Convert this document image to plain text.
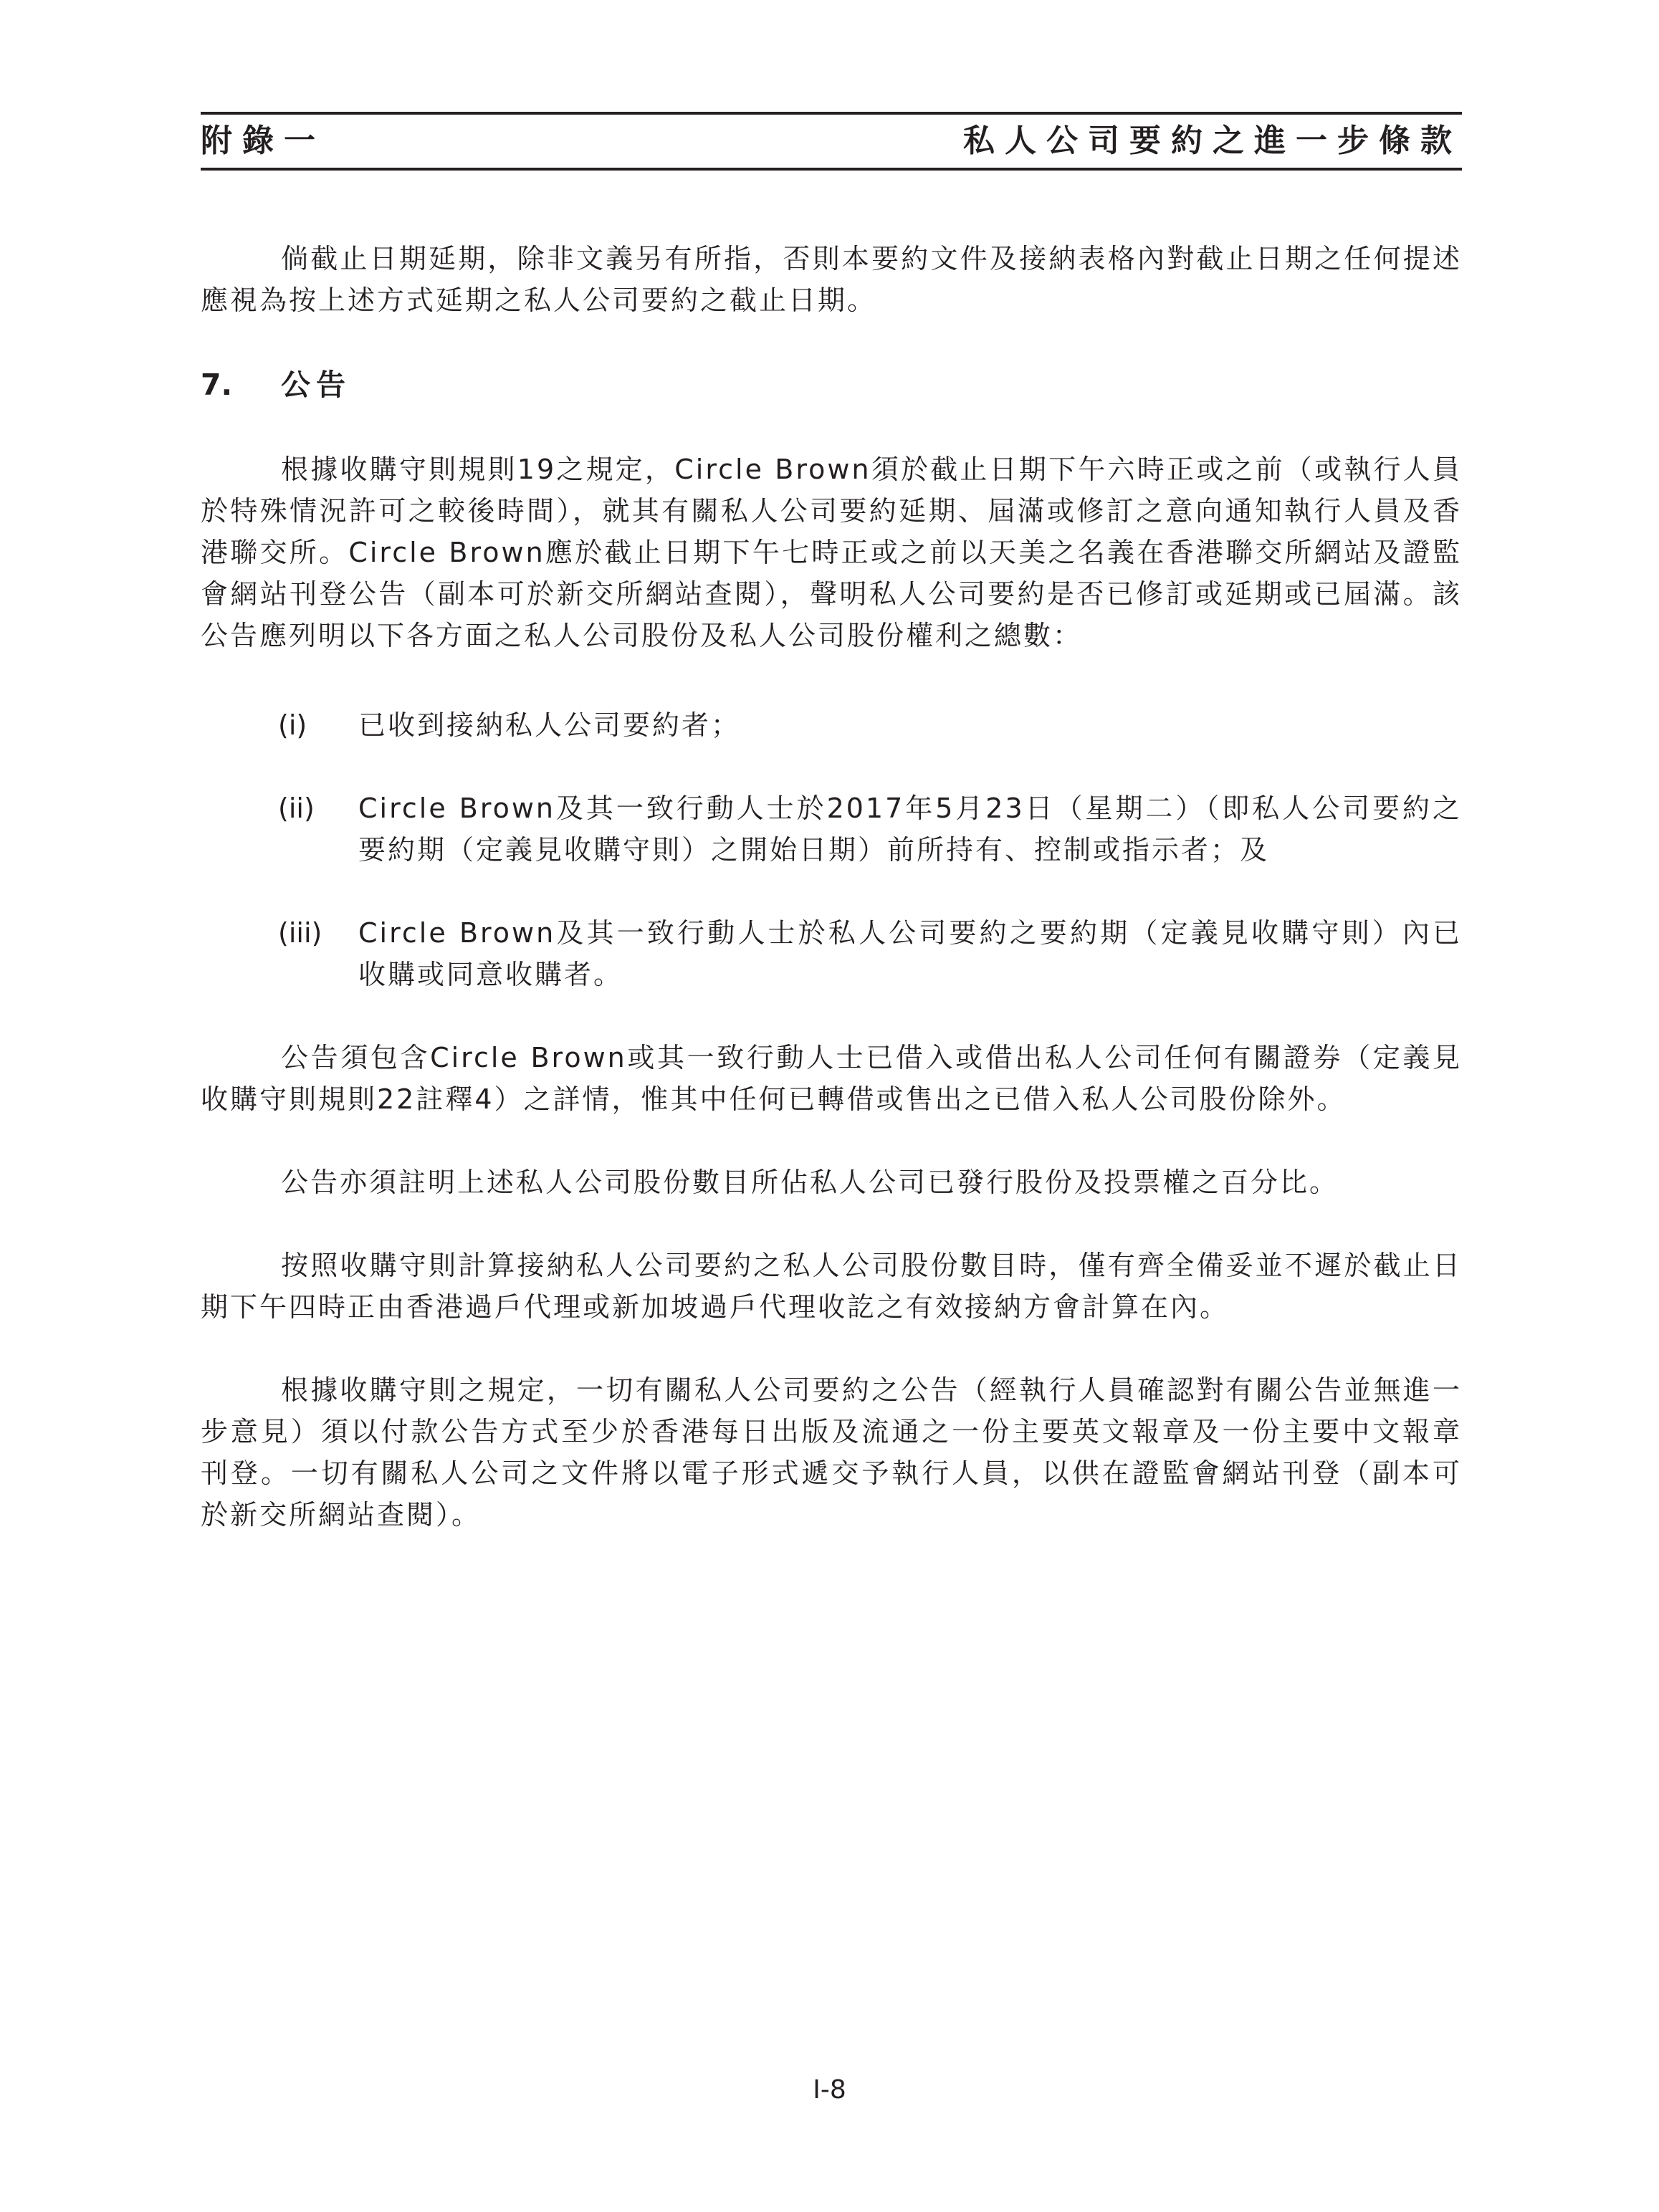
附錄一	私人公司要約之進一步條款

倘截止日期延期，除非文義另有所指，否則本要約文件及接納表格內對截止日期之任何提述應視為按上述方式延期之私人公司要約之截止日期。

7. 公告

根據收購守則規則19之規定，Circle Brown須於截止日期下午六時正或之前（或執行人員於特殊情況許可之較後時間），就其有關私人公司要約延期、屆滿或修訂之意向通知執行人員及香港聯交所。Circle Brown應於截止日期下午七時正或之前以天美之名義在香港聯交所網站及證監會網站刊登公告（副本可於新交所網站查閱），聲明私人公司要約是否已修訂或延期或已屆滿。該公告應列明以下各方面之私人公司股份及私人公司股份權利之總數：

(i) 已收到接納私人公司要約者；
(ii) Circle Brown及其一致行動人士於2017年5月23日（星期二）（即私人公司要約之要約期（定義見收購守則）之開始日期）前所持有、控制或指示者；及
(iii) Circle Brown及其一致行動人士於私人公司要約之要約期（定義見收購守則）內已收購或同意收購者。

公告須包含Circle Brown或其一致行動人士已借入或借出私人公司任何有關證券（定義見收購守則規則22註釋4）之詳情，惟其中任何已轉借或售出之已借入私人公司股份除外。

公告亦須註明上述私人公司股份數目所佔私人公司已發行股份及投票權之百分比。

按照收購守則計算接納私人公司要約之私人公司股份數目時，僅有齊全備妥並不遲於截止日期下午四時正由香港過戶代理或新加坡過戶代理收訖之有效接納方會計算在內。

根據收購守則之規定，一切有關私人公司要約之公告（經執行人員確認對有關公告並無進一步意見）須以付款公告方式至少於香港每日出版及流通之一份主要英文報章及一份主要中文報章刊登。一切有關私人公司之文件將以電子形式遞交予執行人員，以供在證監會網站刊登（副本可於新交所網站查閱）。

I-8
